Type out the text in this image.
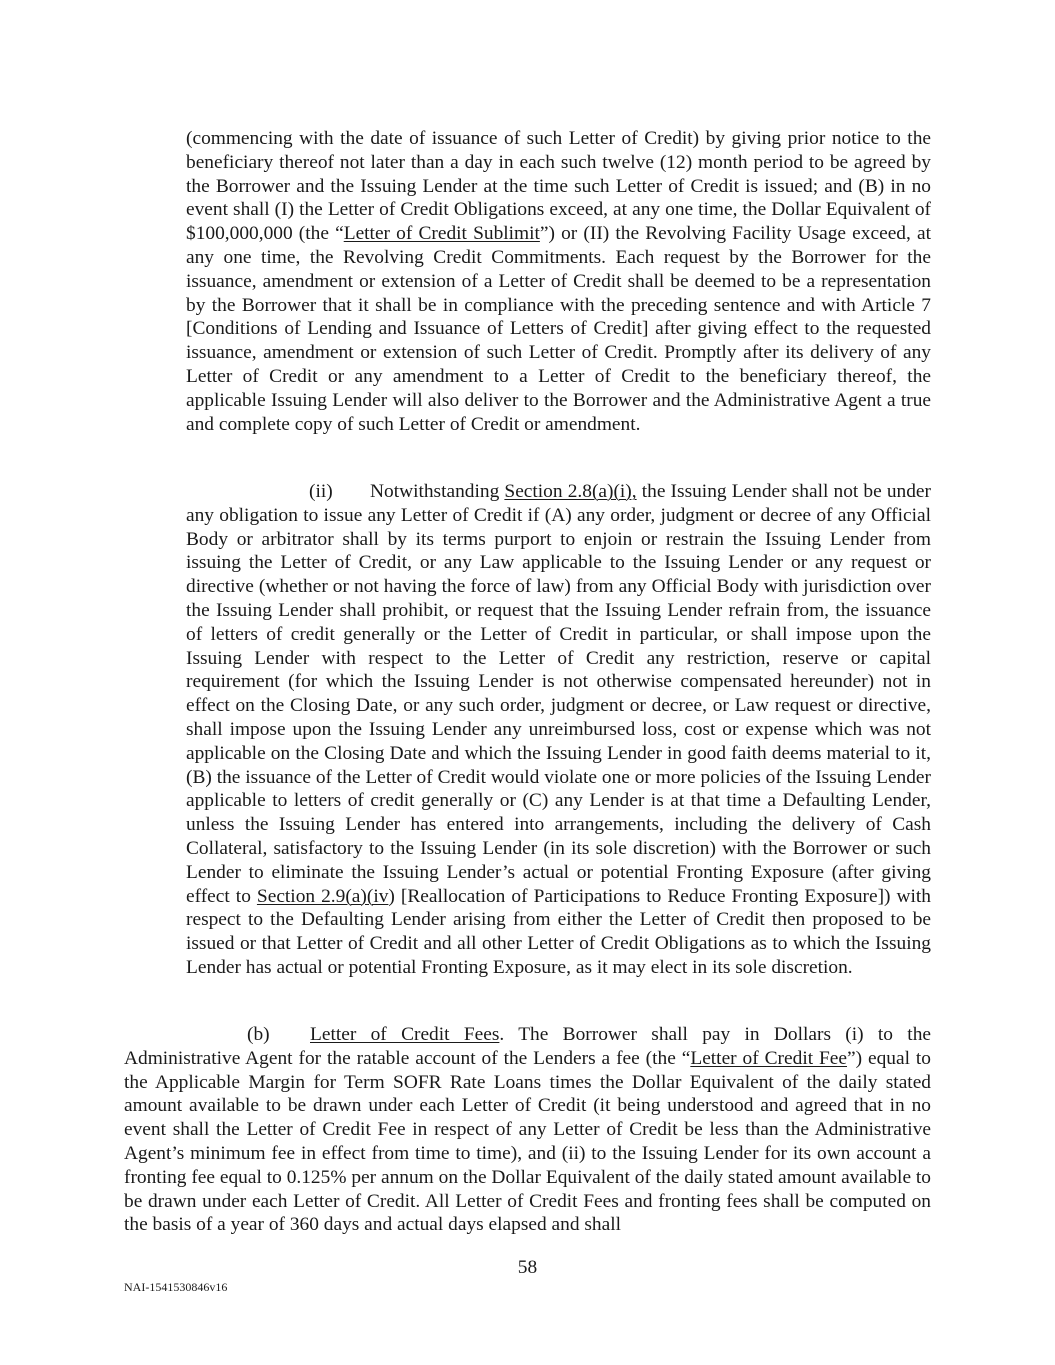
(commencing with the date of issuance of such Letter of Credit) by giving prior notice to the beneficiary thereof not later than a day in each such twelve (12) month period to be agreed by the Borrower and the Issuing Lender at the time such Letter of Credit is issued; and (B) in no event shall (I) the Letter of Credit Obligations exceed, at any one time, the Dollar Equivalent of $100,000,000 (the “Letter of Credit Sublimit”) or (II) the Revolving Facility Usage exceed, at any one time, the Revolving Credit Commitments. Each request by the Borrower for the issuance, amendment or extension of a Letter of Credit shall be deemed to be a representation by the Borrower that it shall be in compliance with the preceding sentence and with Article 7 [Conditions of Lending and Issuance of Letters of Credit] after giving effect to the requested issuance, amendment or extension of such Letter of Credit. Promptly after its delivery of any Letter of Credit or any amendment to a Letter of Credit to the beneficiary thereof, the applicable Issuing Lender will also deliver to the Borrower and the Administrative Agent a true and complete copy of such Letter of Credit or amendment.

(ii) Notwithstanding Section 2.8(a)(i), the Issuing Lender shall not be under any obligation to issue any Letter of Credit if (A) any order, judgment or decree of any Official Body or arbitrator shall by its terms purport to enjoin or restrain the Issuing Lender from issuing the Letter of Credit, or any Law applicable to the Issuing Lender or any request or directive (whether or not having the force of law) from any Official Body with jurisdiction over the Issuing Lender shall prohibit, or request that the Issuing Lender refrain from, the issuance of letters of credit generally or the Letter of Credit in particular, or shall impose upon the Issuing Lender with respect to the Letter of Credit any restriction, reserve or capital requirement (for which the Issuing Lender is not otherwise compensated hereunder) not in effect on the Closing Date, or any such order, judgment or decree, or Law request or directive, shall impose upon the Issuing Lender any unreimbursed loss, cost or expense which was not applicable on the Closing Date and which the Issuing Lender in good faith deems material to it, (B) the issuance of the Letter of Credit would violate one or more policies of the Issuing Lender applicable to letters of credit generally or (C) any Lender is at that time a Defaulting Lender, unless the Issuing Lender has entered into arrangements, including the delivery of Cash Collateral, satisfactory to the Issuing Lender (in its sole discretion) with the Borrower or such Lender to eliminate the Issuing Lender’s actual or potential Fronting Exposure (after giving effect to Section 2.9(a)(iv) [Reallocation of Participations to Reduce Fronting Exposure]) with respect to the Defaulting Lender arising from either the Letter of Credit then proposed to be issued or that Letter of Credit and all other Letter of Credit Obligations as to which the Issuing Lender has actual or potential Fronting Exposure, as it may elect in its sole discretion.

(b) Letter of Credit Fees. The Borrower shall pay in Dollars (i) to the Administrative Agent for the ratable account of the Lenders a fee (the “Letter of Credit Fee”) equal to the Applicable Margin for Term SOFR Rate Loans times the Dollar Equivalent of the daily stated amount available to be drawn under each Letter of Credit (it being understood and agreed that in no event shall the Letter of Credit Fee in respect of any Letter of Credit be less than the Administrative Agent’s minimum fee in effect from time to time), and (ii) to the Issuing Lender for its own account a fronting fee equal to 0.125% per annum on the Dollar Equivalent of the daily stated amount available to be drawn under each Letter of Credit. All Letter of Credit Fees and fronting fees shall be computed on the basis of a year of 360 days and actual days elapsed and shall

58
NAI-1541530846v16
